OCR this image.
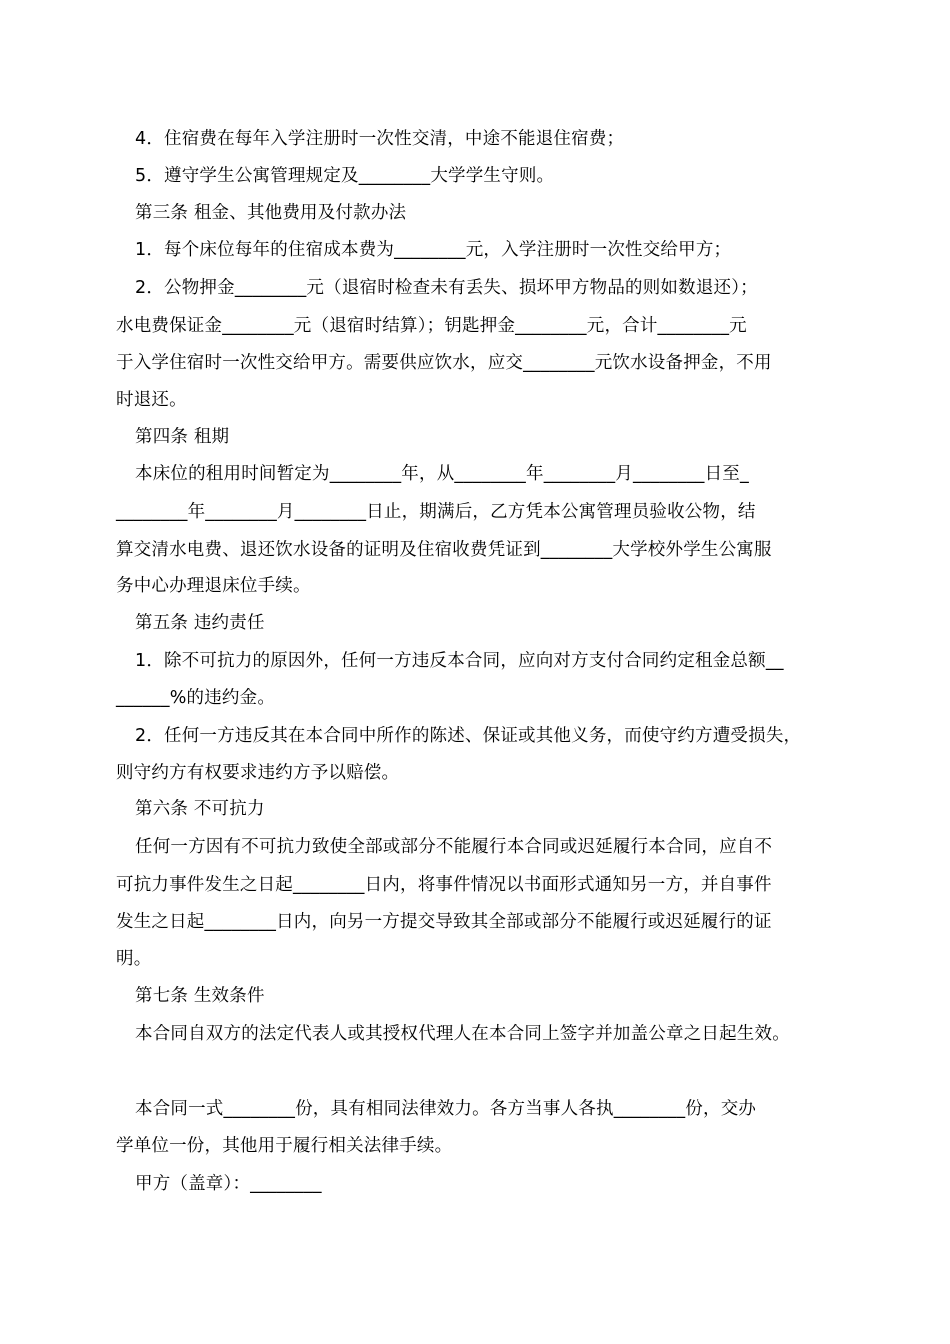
4．住宿费在每年入学注册时一次性交清，中途不能退住宿费；
5．遵守学生公寓管理规定及________大学学生守则。
第三条 租金、其他费用及付款办法
1．每个床位每年的住宿成本费为________元，入学注册时一次性交给甲方；
2．公物押金________元（退宿时检查未有丢失、损坏甲方物品的则如数退还）；
水电费保证金________元（退宿时结算）；钥匙押金________元，合计________元
于入学住宿时一次性交给甲方。需要供应饮水，应交________元饮水设备押金，不用
时退还。
第四条 租期
本床位的租用时间暂定为________年，从________年________月________日至_
________年________月________日止，期满后，乙方凭本公寓管理员验收公物，结
算交清水电费、退还饮水设备的证明及住宿收费凭证到________大学校外学生公寓服
务中心办理退床位手续。
第五条 违约责任
1．除不可抗力的原因外，任何一方违反本合同，应向对方支付合同约定租金总额__
______%的违约金。
2．任何一方违反其在本合同中所作的陈述、保证或其他义务，而使守约方遭受损失，
则守约方有权要求违约方予以赔偿。
第六条 不可抗力
任何一方因有不可抗力致使全部或部分不能履行本合同或迟延履行本合同，应自不
可抗力事件发生之日起________日内，将事件情况以书面形式通知另一方，并自事件
发生之日起________日内，向另一方提交导致其全部或部分不能履行或迟延履行的证
明。
第七条 生效条件
本合同自双方的法定代表人或其授权代理人在本合同上签字并加盖公章之日起生效。
本合同一式________份，具有相同法律效力。各方当事人各执________份，交办
学单位一份，其他用于履行相关法律手续。
甲方（盖章）：________
